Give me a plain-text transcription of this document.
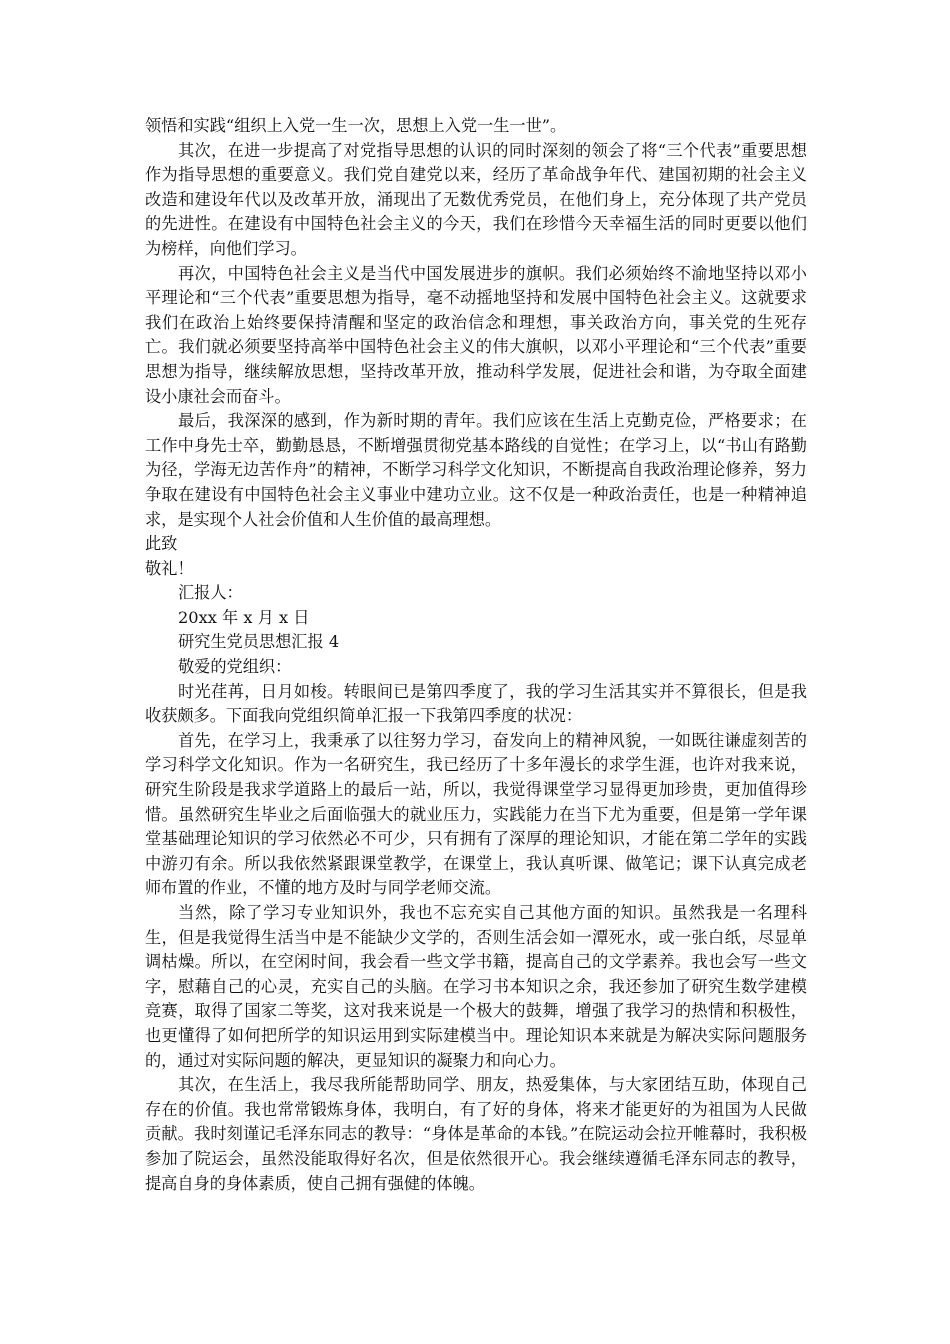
领悟和实践“组织上入党一生一次，思想上入党一生一世”。

其次，在进一步提高了对党指导思想的认识的同时深刻的领会了将“三个代表”重要思想作为指导思想的重要意义。我们党自建党以来，经历了革命战争年代、建国初期的社会主义改造和建设年代以及改革开放，涌现出了无数优秀党员，在他们身上，充分体现了共产党员的先进性。在建设有中国特色社会主义的今天，我们在珍惜今天幸福生活的同时更要以他们为榜样，向他们学习。

再次，中国特色社会主义是当代中国发展进步的旗帜。我们必须始终不渝地坚持以邓小平理论和“三个代表”重要思想为指导，毫不动摇地坚持和发展中国特色社会主义。这就要求我们在政治上始终要保持清醒和坚定的政治信念和理想，事关政治方向，事关党的生死存亡。我们就必须要坚持高举中国特色社会主义的伟大旗帜，以邓小平理论和“三个代表”重要思想为指导，继续解放思想，坚持改革开放，推动科学发展，促进社会和谐，为夺取全面建设小康社会而奋斗。

最后，我深深的感到，作为新时期的青年。我们应该在生活上克勤克俭，严格要求；在工作中身先士卒，勤勤恳恳，不断增强贯彻党基本路线的自觉性；在学习上，以“书山有路勤为径，学海无边苦作舟”的精神，不断学习科学文化知识，不断提高自我政治理论修养，努力争取在建设有中国特色社会主义事业中建功立业。这不仅是一种政治责任，也是一种精神追求，是实现个人社会价值和人生价值的最高理想。

此致

敬礼！

汇报人：

20xx 年 x 月 x 日

研究生党员思想汇报 4

敬爱的党组织：

时光荏苒，日月如梭。转眼间已是第四季度了，我的学习生活其实并不算很长，但是我收获颇多。下面我向党组织简单汇报一下我第四季度的状况：

首先，在学习上，我秉承了以往努力学习，奋发向上的精神风貌，一如既往谦虚刻苦的学习科学文化知识。作为一名研究生，我已经历了十多年漫长的求学生涯，也许对我来说，研究生阶段是我求学道路上的最后一站，所以，我觉得课堂学习显得更加珍贵，更加值得珍惜。虽然研究生毕业之后面临强大的就业压力，实践能力在当下尤为重要，但是第一学年课堂基础理论知识的学习依然必不可少，只有拥有了深厚的理论知识，才能在第二学年的实践中游刃有余。所以我依然紧跟课堂教学，在课堂上，我认真听课、做笔记；课下认真完成老师布置的作业，不懂的地方及时与同学老师交流。

当然，除了学习专业知识外，我也不忘充实自己其他方面的知识。虽然我是一名理科生，但是我觉得生活当中是不能缺少文学的，否则生活会如一潭死水，或一张白纸，尽显单调枯燥。所以，在空闲时间，我会看一些文学书籍，提高自己的文学素养。我也会写一些文字，慰藉自己的心灵，充实自己的头脑。在学习书本知识之余，我还参加了研究生数学建模竞赛，取得了国家二等奖，这对我来说是一个极大的鼓舞，增强了我学习的热情和积极性，也更懂得了如何把所学的知识运用到实际建模当中。理论知识本来就是为解决实际问题服务的，通过对实际问题的解决，更显知识的凝聚力和向心力。

其次，在生活上，我尽我所能帮助同学、朋友，热爱集体，与大家团结互助，体现自己存在的价值。我也常常锻炼身体，我明白，有了好的身体，将来才能更好的为祖国为人民做贡献。我时刻谨记毛泽东同志的教导：“身体是革命的本钱。”在院运动会拉开帷幕时，我积极参加了院运会，虽然没能取得好名次，但是依然很开心。我会继续遵循毛泽东同志的教导，提高自身的身体素质，使自己拥有强健的体魄。
